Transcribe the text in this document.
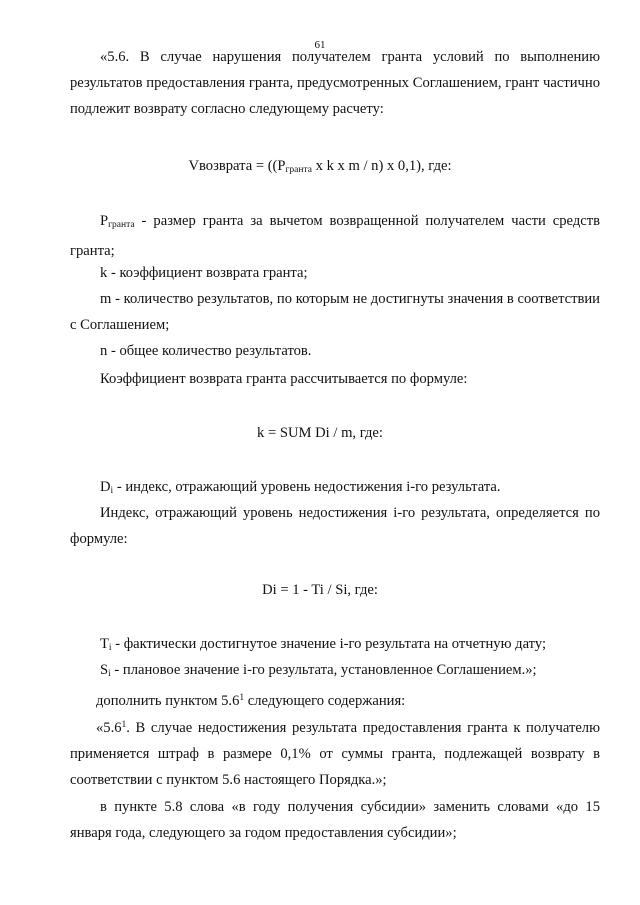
61

«5.6. В случае нарушения получателем гранта условий по выполнению результатов предоставления гранта, предусмотренных Соглашением, грант частично подлежит возврату согласно следующему расчету:

Vвозврата = (($P_{гранта}$ x k x m / n) x 0,1), где:

$P_{гранта}$ - размер гранта за вычетом возвращенной получателем части средств гранта;

k - коэффициент возврата гранта;

m - количество результатов, по которым не достигнуты значения в соответствии с Соглашением;

n - общее количество результатов.

Коэффициент возврата гранта рассчитывается по формуле:

k = SUM Di / m, где:

$D_i$ - индекс, отражающий уровень недостижения i-го результата.

Индекс, отражающий уровень недостижения i-го результата, определяется по формуле:

Di = 1 - Ti / Si, где:

$T_i$ - фактически достигнутое значение i-го результата на отчетную дату;

$S_i$ - плановое значение i-го результата, установленное Соглашением.»;

дополнить пунктом $5.6^1$ следующего содержания:

«$5.6^1$. В случае недостижения результата предоставления гранта к получателю применяется штраф в размере 0,1% от суммы гранта, подлежащей возврату в соответствии с пунктом 5.6 настоящего Порядка.»;

в пункте 5.8 слова «в году получения субсидии» заменить словами «до 15 января года, следующего за годом предоставления субсидии»;
